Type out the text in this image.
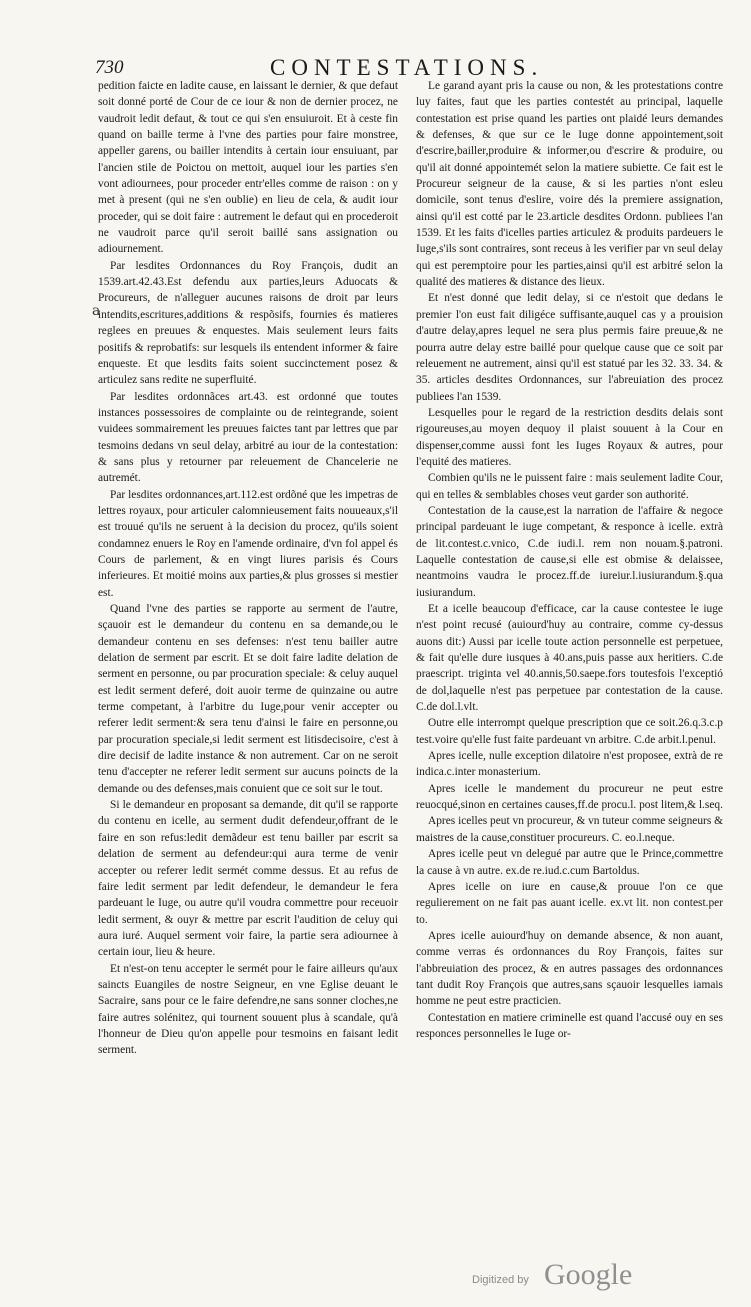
730	CONTESTATIONS.
a

pedition faicte en ladite cause, en laissant le dernier, & que defaut soit donné porté de Cour de ce iour & non de dernier procez, ne vaudroit ledit defaut, & tout ce qui s'en ensuiuroit. Et à ceste fin quand on baille terme à l'vne des parties pour faire monstree, appeller garens, ou bailler intendits à certain iour ensuiuant, par l'ancien stile de Poictou on mettoit, auquel iour les parties s'en vont adiournees, pour proceder entr'elles comme de raison : on y met à present (qui ne s'en oublie) en lieu de cela, & audit iour proceder, qui se doit faire : autrement le defaut qui en procederoit ne vaudroit parce qu'il seroit baillé sans assignation ou adiournement.

Par lesdites Ordonnances du Roy François, dudit an 1539.art.42.43.Est defendu aux parties,leurs Aduocats & Procureurs, de n'alleguer aucunes raisons de droit par leurs intendits,escritures,additions & respõsifs, fournies és matieres reglees en preuues & enquestes. Mais seulement leurs faits positifs & reprobatifs: sur lesquels ils entendent informer & faire enqueste. Et que lesdits faits soient succinctement posez & articulez sans redite ne superfluité.

Par lesdites ordonnãces art.43. est ordonné que toutes instances possessoires de complainte ou de reintegrande, soient vuidees sommairement les preuues faictes tant par lettres que par tesmoins dedans vn seul delay, arbitré au iour de la contestation: & sans plus y retourner par releuement de Chancelerie ne autremét.

Par lesdites ordonnances,art.112.est ordõné que les impetras de lettres royaux, pour articuler calomnieusement faits nouueaux,s'il est trouué qu'ils ne seruent à la decision du procez, qu'ils soient condamnez enuers le Roy en l'amende ordinaire, d'vn fol appel és Cours de parlement, & en vingt liures parisis és Cours inferieures. Et moitié moins aux parties,& plus grosses si mestier est.

Quand l'vne des parties se rapporte au serment de l'autre, sçauoir est le demandeur du contenu en sa demande,ou le demandeur contenu en ses defenses: n'est tenu bailler autre delation de serment par escrit. Et se doit faire ladite delation de serment en personne, ou par procuration speciale: & celuy auquel est ledit serment deferé, doit auoir terme de quinzaine ou autre terme competant, à l'arbitre du Iuge,pour venir accepter ou referer ledit serment:& sera tenu d'ainsi le faire en personne,ou par procuration speciale,si ledit serment est litisdecisoire, c'est à dire decisif de ladite instance & non autrement. Car on ne seroit tenu d'accepter ne referer ledit serment sur aucuns poincts de la demande ou des defenses,mais conuient que ce soit sur le tout.

Si le demandeur en proposant sa demande, dit qu'il se rapporte du contenu en icelle, au serment dudit defendeur,offrant de le faire en son refus:ledit demãdeur est tenu bailler par escrit sa delation de serment au defendeur:qui aura terme de venir accepter ou referer ledit sermét comme dessus. Et au refus de faire ledit serment par ledit defendeur, le demandeur le fera pardeuant le Iuge, ou autre qu'il voudra commettre pour receuoir ledit serment, & ouyr & mettre par escrit l'audition de celuy qui aura iuré. Auquel serment voir faire, la partie sera adiournee à certain iour, lieu & heure.

Et n'est-on tenu accepter le sermét pour le faire ailleurs qu'aux saincts Euangiles de nostre Seigneur, en vne Eglise deuant le Sacraire, sans pour ce le faire defendre,ne sans sonner cloches,ne faire autres solénitez, qui tournent souuent plus à scandale, qu'à l'honneur de Dieu qu'on appelle pour tesmoins en faisant ledit serment.

Le garand ayant pris la cause ou non, & les protestations contre luy faites, faut que les parties contestét au principal, laquelle contestation est prise quand les parties ont plaidé leurs demandes & defenses, & que sur ce le Iuge donne appointement,soit d'escrire,bailler,produire & informer,ou d'escrire & produire, ou qu'il ait donné appointemét selon la matiere subiette. Ce fait est le Procureur seigneur de la cause, & si les parties n'ont esleu domicile, sont tenus d'eslire, voire dés la premiere assignation, ainsi qu'il est cotté par le 23.article desdites Ordonn. publiees l'an 1539. Et les faits d'icelles parties articulez & produits pardeuers le Iuge,s'ils sont contraires, sont receus à les verifier par vn seul delay qui est peremptoire pour les parties,ainsi qu'il est arbitré selon la qualité des matieres & distance des lieux.

Et n'est donné que ledit delay, si ce n'estoit que dedans le premier l'on eust fait diligéce suffisante,auquel cas y a prouision d'autre delay,apres lequel ne sera plus permis faire preuue,& ne pourra autre delay estre baillé pour quelque cause que ce soit par releuement ne autrement, ainsi qu'il est statué par les 32. 33. 34. & 35. articles desdites Ordonnances, sur l'abreuiation des procez publiees l'an 1539.

Lesquelles pour le regard de la restriction desdits delais sont rigoureuses,au moyen dequoy il plaist souuent à la Cour en dispenser,comme aussi font les Iuges Royaux & autres, pour l'equité des matieres.

Combien qu'ils ne le puissent faire : mais seulement ladite Cour, qui en telles & semblables choses veut garder son authorité.

Contestation de la cause,est la narration de l'affaire & negoce principal pardeuant le iuge competant, & responce à icelle. extrà de lit.contest.c.vnico, C.de iudi.l. rem non nouam.§.patroni. Laquelle contestation de cause,si elle est obmise & delaissee, neantmoins vaudra le procez.ff.de iureiur.l.iusiurandum.§.qua iusiurandum.

Et a icelle beaucoup d'efficace, car la cause contestee le iuge n'est point recusé (auiourd'huy au contraire, comme cy-dessus auons dit:) Aussi par icelle toute action personnelle est perpetuee, & fait qu'elle dure iusques à 40.ans,puis passe aux heritiers. C.de praescript. triginta vel 40.annis,50.saepe.fors toutesfois l'exceptió de dol,laquelle n'est pas perpetuee par contestation de la cause. C.de dol.l.vlt.

Outre elle interrompt quelque prescription que ce soit.26.q.3.c.p test.voire qu'elle fust faite pardeuant vn arbitre. C.de arbit.l.penul.

Apres icelle, nulle exception dilatoire n'est proposee, extrà de re indica.c.inter monasterium.

Apres icelle le mandement du procureur ne peut estre reuocqué,sinon en certaines causes,ff.de procu.l. post litem,& l.seq.

Apres icelles peut vn procureur, & vn tuteur comme seigneurs & maistres de la cause,constituer procureurs. C. eo.l.neque.

Apres icelle peut vn delegué par autre que le Prince,commettre la cause à vn autre. ex.de re.iud.c.cum Bartoldus.

Apres icelle on iure en cause,& prouue l'on ce que regulierement on ne fait pas auant icelle. ex.vt lit. non contest.per to.

Apres icelle auiourd'huy on demande absence, & non auant, comme verras és ordonnances du Roy François, faites sur l'abbreuiation des procez, & en autres passages des ordonnances tant dudit Roy François que autres,sans sçauoir lesquelles iamais homme ne peut estre practicien.

Contestation en matiere criminelle est quand l'accusé ouy en ses responces personnelles le Iuge or-

Digitized by Google
